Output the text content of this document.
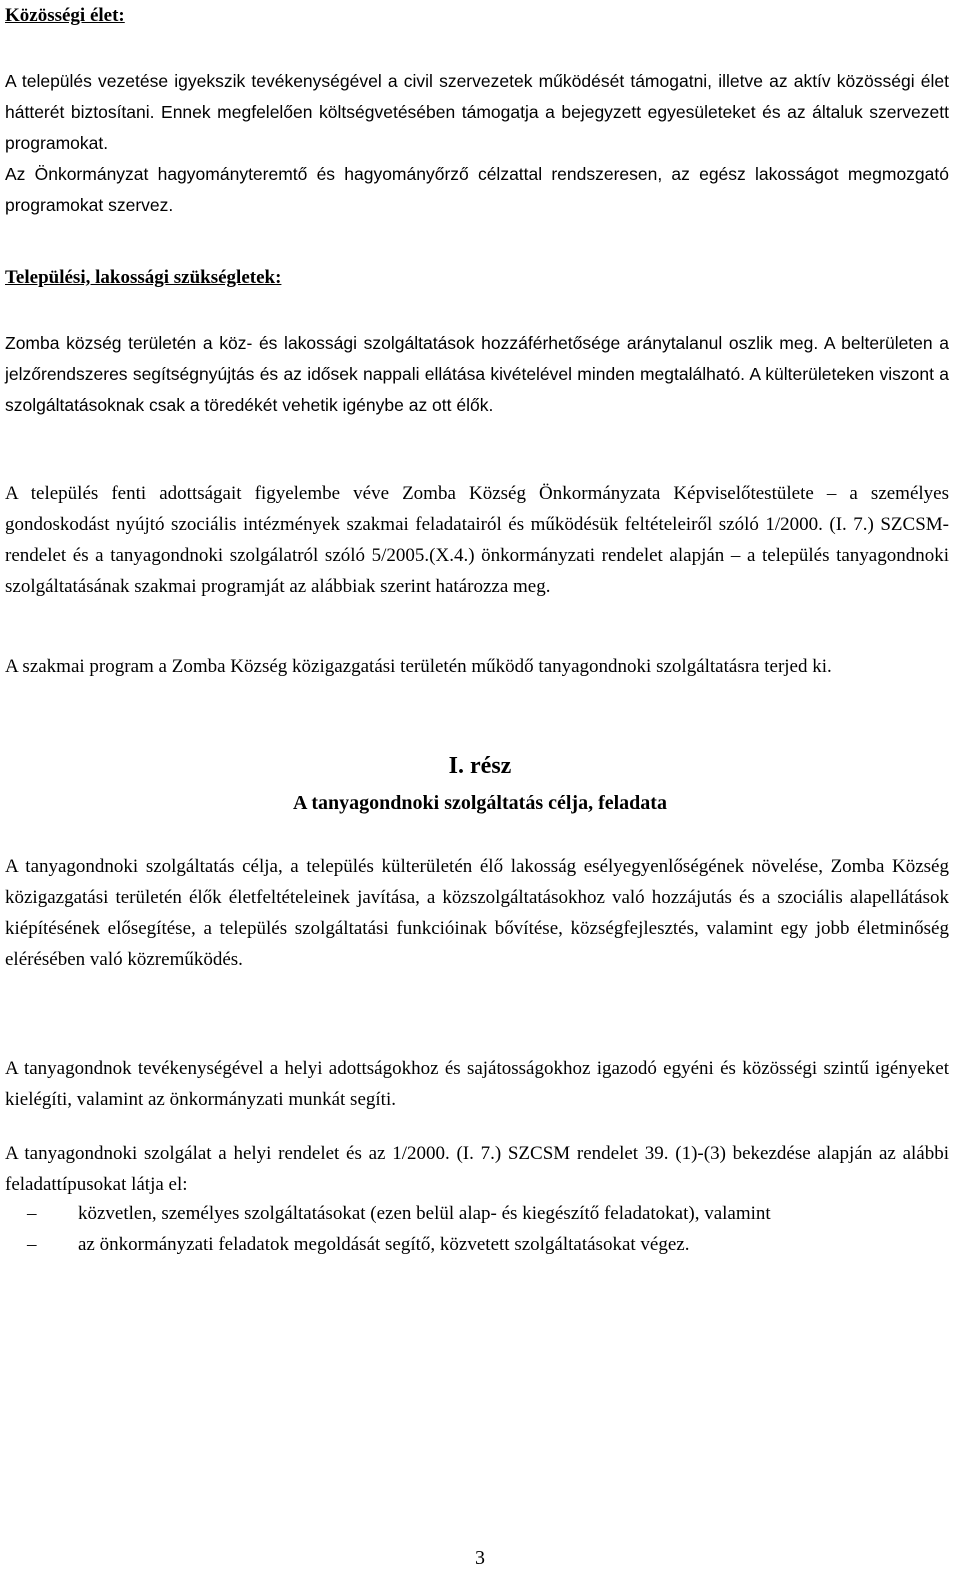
Közösségi élet:
A település vezetése igyekszik tevékenységével a civil szervezetek működését támogatni, illetve az aktív közösségi élet hátterét biztosítani. Ennek megfelelően költségvetésében támogatja a bejegyzett egyesületeket és az általuk szervezett programokat.
Az Önkormányzat hagyományteremtő és hagyományőrző célzattal rendszeresen, az egész lakosságot megmozgató programokat szervez.
Települési, lakossági szükségletek:
Zomba község területén a köz- és lakossági szolgáltatások hozzáférhetősége aránytalanul oszlik meg. A belterületen a jelzőrendszeres segítségnyújtás és az idősek nappali ellátása kivételével minden megtalálható. A külterületeken viszont a szolgáltatásoknak csak a töredékét vehetik igénybe az ott élők.
A település fenti adottságait figyelembe véve Zomba Község Önkormányzata Képviselőtestülete – a személyes gondoskodást nyújtó szociális intézmények szakmai feladatairól és működésük feltételeiről szóló 1/2000. (I. 7.) SZCSM-rendelet és a tanyagondnoki szolgálatról szóló 5/2005.(X.4.) önkormányzati rendelet alapján – a település tanyagondnoki szolgáltatásának szakmai programját az alábbiak szerint határozza meg.
A szakmai program a Zomba Község közigazgatási területén működő tanyagondnoki szolgáltatásra terjed ki.
I. rész
A tanyagondnoki szolgáltatás célja, feladata
A tanyagondnoki szolgáltatás célja, a település külterületén élő lakosság esélyegyenlőségének növelése, Zomba Község közigazgatási területén élők életfeltételeinek javítása, a közszolgáltatásokhoz való hozzájutás és a szociális alapellátások kiépítésének elősegítése, a település szolgáltatási funkcióinak bővítése, községfejlesztés, valamint egy jobb életminőség elérésében való közreműködés.
A tanyagondnok tevékenységével a helyi adottságokhoz és sajátosságokhoz igazodó egyéni és közösségi szintű igényeket kielégíti, valamint az önkormányzati munkát segíti.
A tanyagondnoki szolgálat a helyi rendelet és az 1/2000. (I. 7.) SZCSM rendelet 39. (1)-(3) bekezdése alapján az alábbi feladattípusokat látja el:
– közvetlen, személyes szolgáltatásokat (ezen belül alap- és kiegészítő feladatokat), valamint
– az önkormányzati feladatok megoldását segítő, közvetett szolgáltatásokat végez.
3
